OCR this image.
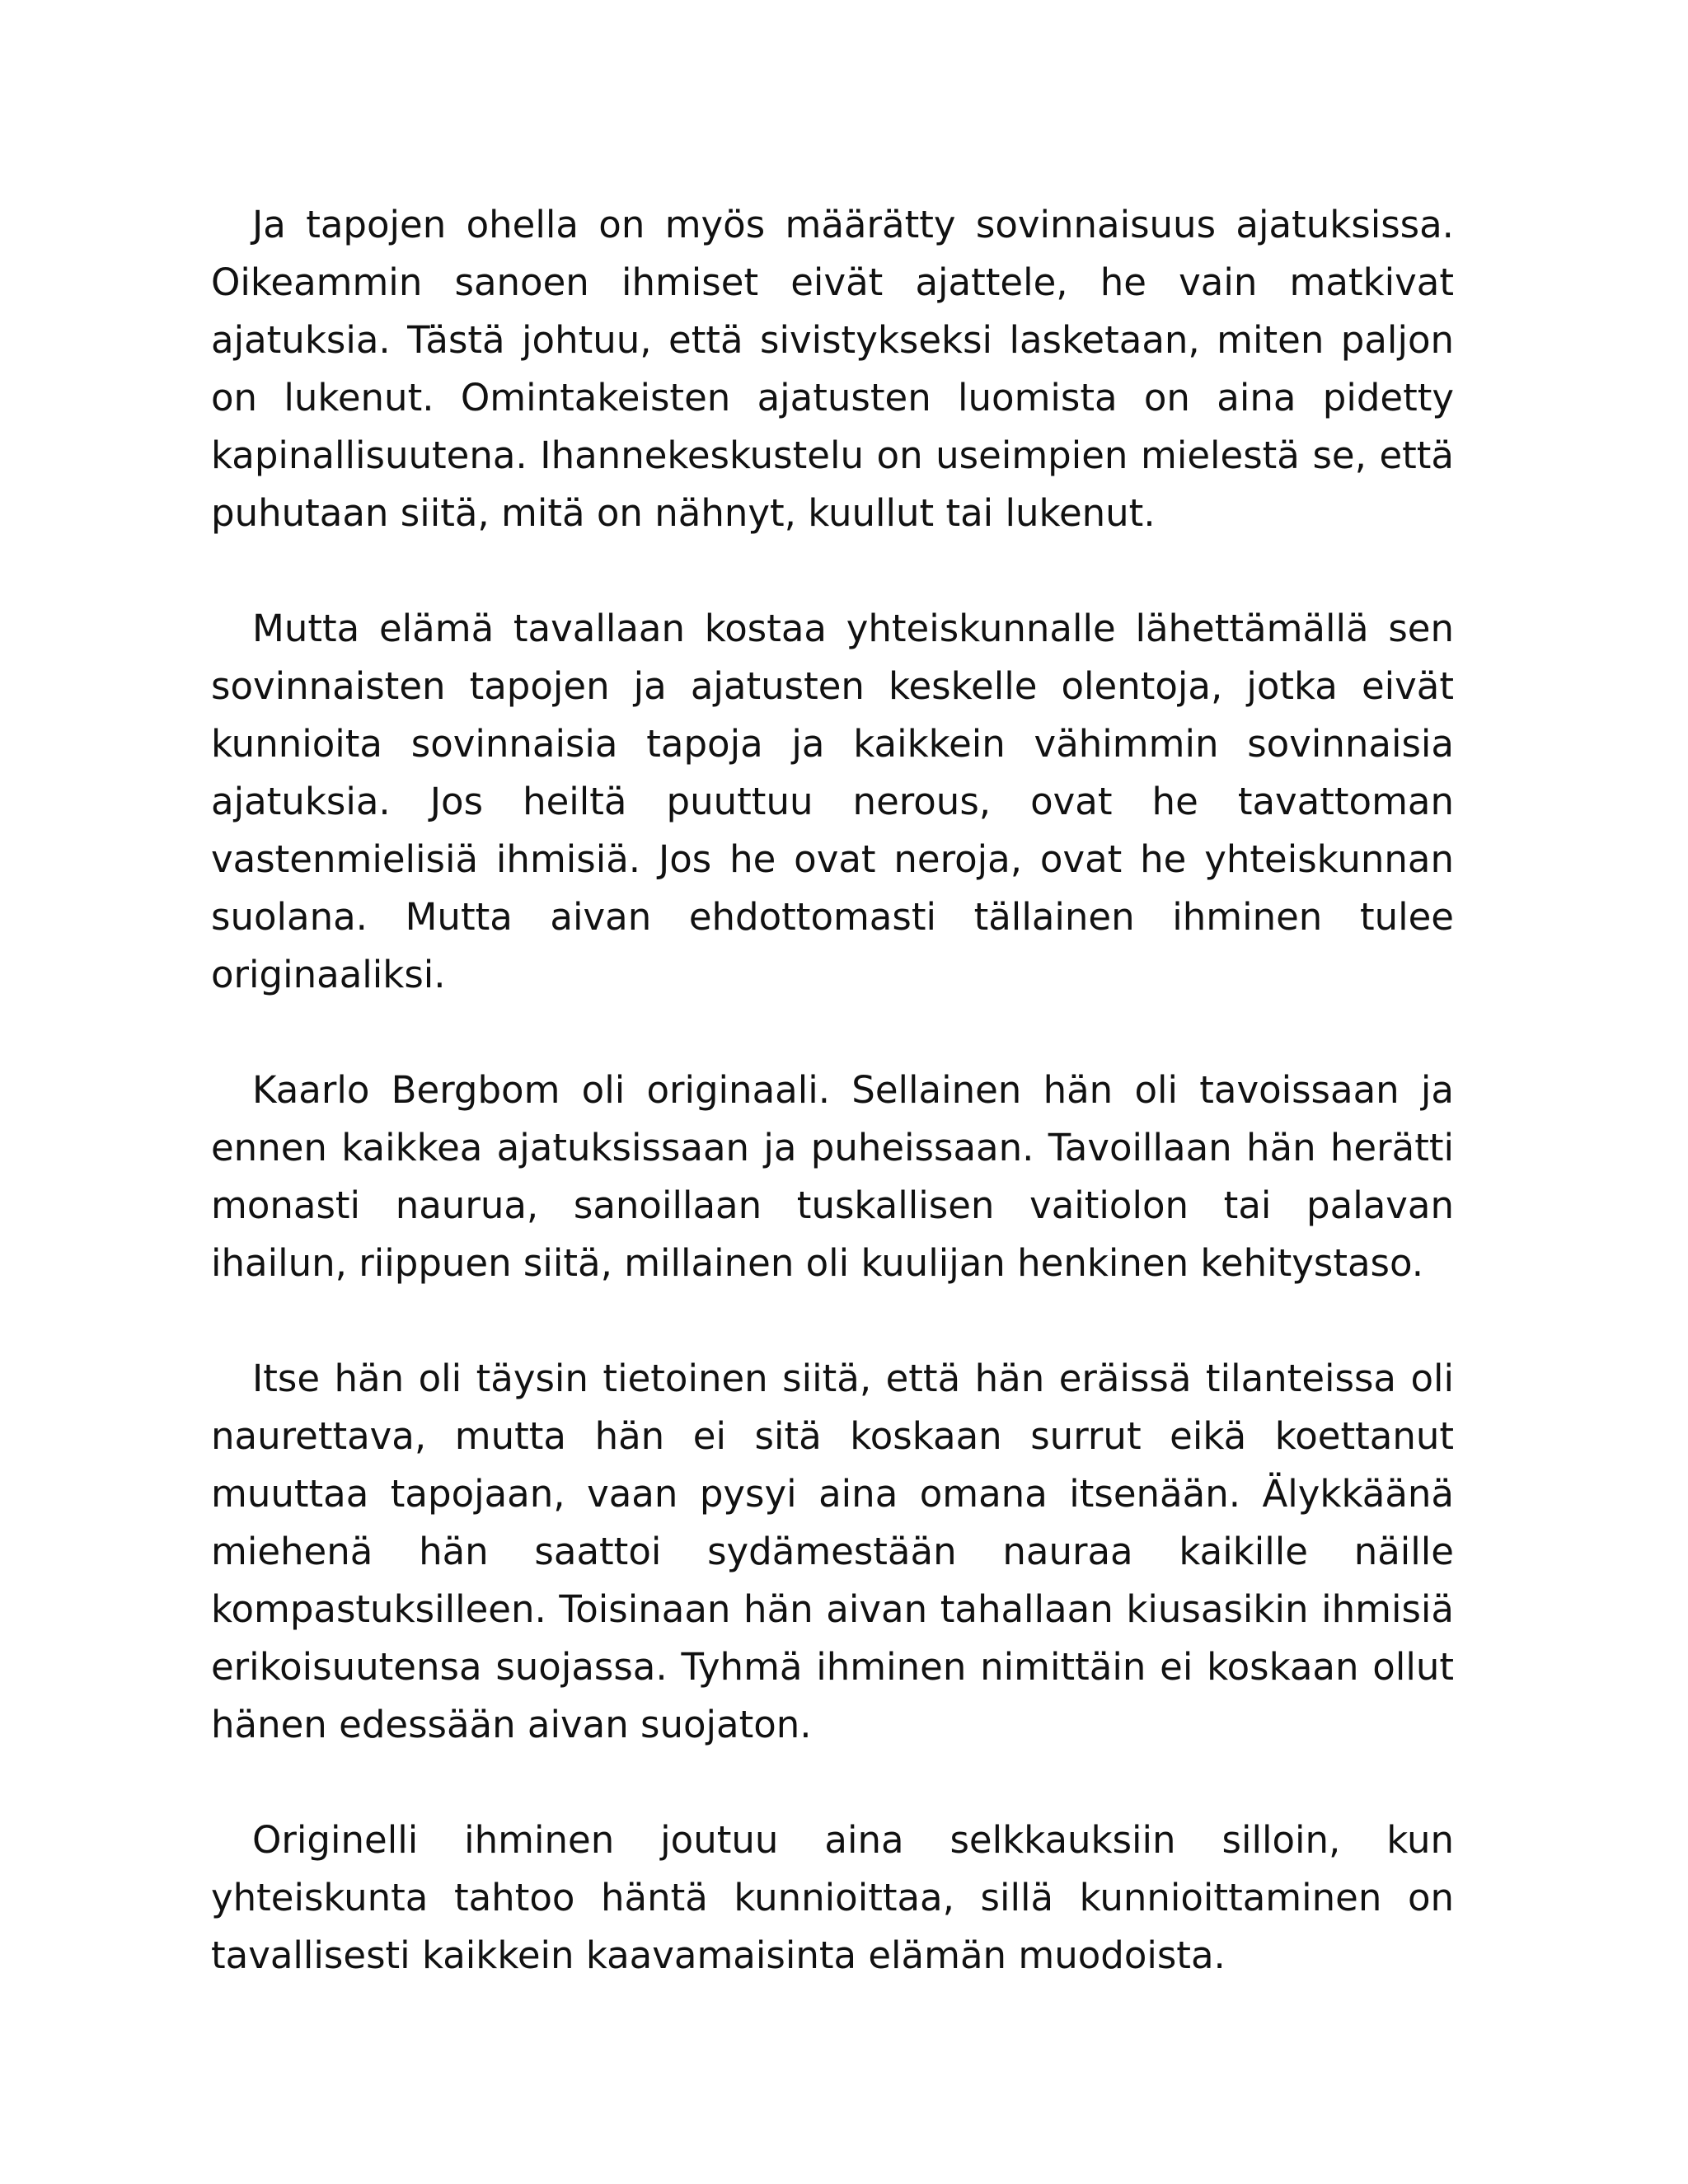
Ja tapojen ohella on myös määrätty sovinnaisuus ajatuksissa. Oikeammin sanoen ihmiset eivät ajattele, he vain matkivat ajatuksia. Tästä johtuu, että sivistykseksi lasketaan, miten paljon on lukenut. Omintakeisten ajatusten luomista on aina pidetty kapinallisuutena. Ihannekeskustelu on useimpien mielestä se, että puhutaan siitä, mitä on nähnyt, kuullut tai lukenut.

Mutta elämä tavallaan kostaa yhteiskunnalle lähettämällä sen sovinnaisten tapojen ja ajatusten keskelle olentoja, jotka eivät kunnioita sovinnaisia tapoja ja kaikkein vähimmin sovinnaisia ajatuksia. Jos heiltä puuttuu nerous, ovat he tavattoman vastenmielisiä ihmisiä. Jos he ovat neroja, ovat he yhteiskunnan suolana. Mutta aivan ehdottomasti tällainen ihminen tulee originaaliksi.

Kaarlo Bergbom oli originaali. Sellainen hän oli tavoissaan ja ennen kaikkea ajatuksissaan ja puheissaan. Tavoillaan hän herätti monasti naurua, sanoillaan tuskallisen vaitiolon tai palavan ihailun, riippuen siitä, millainen oli kuulijan henkinen kehitystaso.

Itse hän oli täysin tietoinen siitä, että hän eräissä tilanteissa oli naurettava, mutta hän ei sitä koskaan surrut eikä koettanut muuttaa tapojaan, vaan pysyi aina omana itsenään. Älykkäänä miehenä hän saattoi sydämestään nauraa kaikille näille kompastuksilleen. Toisinaan hän aivan tahallaan kiusasikin ihmisiä erikoisuutensa suojassa. Tyhmä ihminen nimittäin ei koskaan ollut hänen edessään aivan suojaton.

Originelli ihminen joutuu aina selkkauksiin silloin, kun yhteiskunta tahtoo häntä kunnioittaa, sillä kunnioittaminen on tavallisesti kaikkein kaavamaisinta elämän muodoista.
